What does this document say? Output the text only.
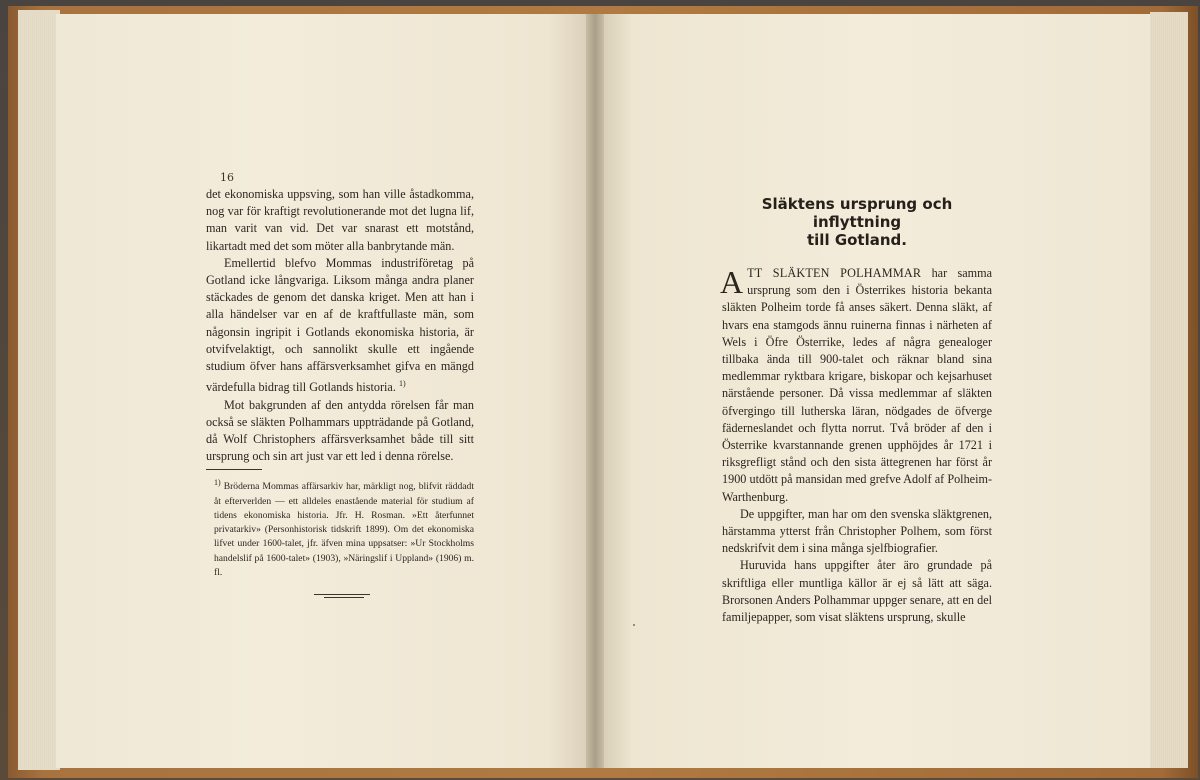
16

det ekonomiska uppsving, som han ville åstadkomma, nog var för kraftigt revolutionerande mot det lugna lif, man varit van vid. Det var snarast ett motstånd, likartadt med det som möter alla banbrytande män.

Emellertid blefvo Mommas industriföretag på Gotland icke långvariga. Liksom många andra planer stäckades de genom det danska kriget. Men att han i alla händelser var en af de kraftfullaste män, som någonsin ingripit i Gotlands ekonomiska historia, är otvifvelaktigt, och sannolikt skulle ett ingående studium öfver hans affärsverksamhet gifva en mängd värdefulla bidrag till Gotlands historia. $^{1)}$

Mot bakgrunden af den antydda rörelsen får man också se släkten Polhammars uppträdande på Gotland, då Wolf Christophers affärsverksamhet både till sitt ursprung och sin art just var ett led i denna rörelse.

$^{1)}$ Bröderna Mommas affärsarkiv har, märkligt nog, blifvit räddadt åt efterverlden — ett alldeles enastående material för studium af tidens ekonomiska historia. Jfr. H. Rosman. »Ett återfunnet privatarkiv» (Personhistorisk tidskrift 1899). Om det ekonomiska lifvet under 1600-talet, jfr. äfven mina uppsatser: »Ur Stockholms handelslif på 1600-talet» (1903), »Näringslif i Uppland» (1906) m. fl.

Släktens ursprung och inflyttning
till Gotland.

ATT SLÄKTEN POLHAMMAR har samma ursprung som den i Österrikes historia bekanta släkten Polheim torde få anses säkert. Denna släkt, af hvars ena stamgods ännu ruinerna finnas i närheten af Wels i Öfre Österrike, ledes af några genealoger tillbaka ända till 900-talet och räknar bland sina medlemmar ryktbara krigare, biskopar och kejsarhuset närstående personer. Då vissa medlemmar af släkten öfvergingo till lutherska läran, nödgades de öfverge fäderneslandet och flytta norrut. Två bröder af den i Österrike kvarstannande grenen upphöjdes år 1721 i riksgrefligt stånd och den sista ättegrenen har först år 1900 utdött på mansidan med grefve Adolf af Polheim-Warthenburg.

De uppgifter, man har om den svenska släktgrenen, härstamma ytterst från Christopher Polhem, som först nedskrifvit dem i sina många sjelfbiografier.

Huruvida hans uppgifter åter äro grundade på skriftliga eller muntliga källor är ej så lätt att säga. Brorsonen Anders Polhammar uppger senare, att en del familjepapper, som visat släktens ursprung, skulle
